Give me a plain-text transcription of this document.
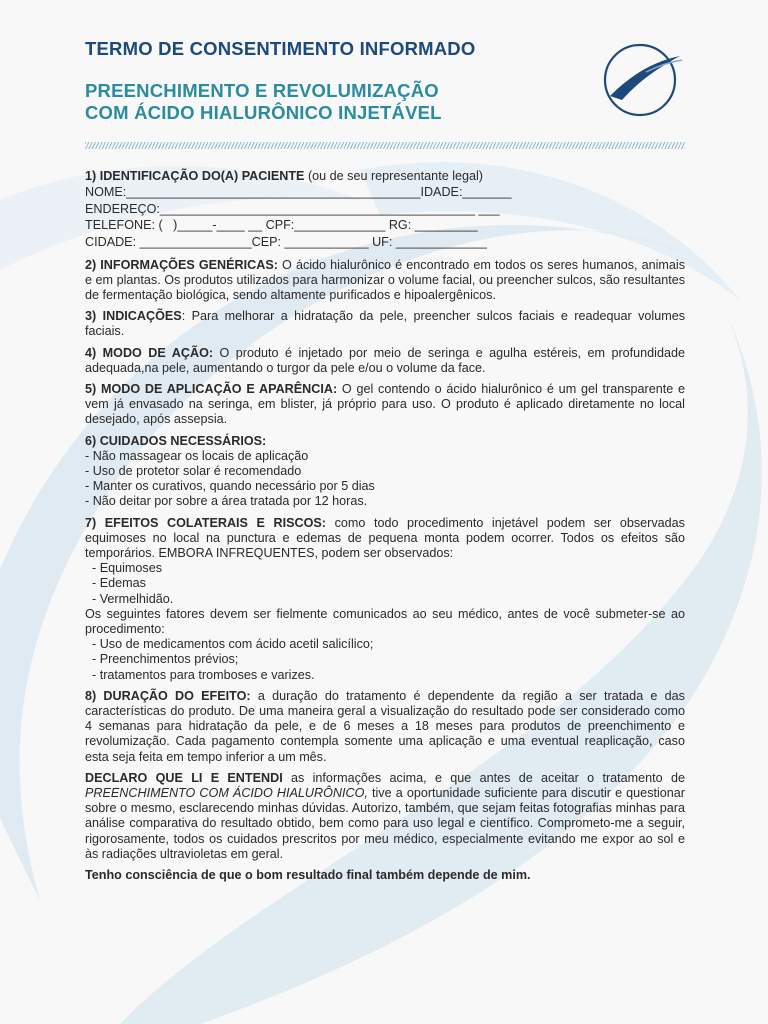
TERMO DE CONSENTIMENTO INFORMADO
PREENCHIMENTO E REVOLUMIZAÇÃO
COM ÁCIDO HIALURÔNICO INJETÁVEL
1) IDENTIFICAÇÃO DO(A) PACIENTE (ou de seu representante legal)
NOME:__________________________________________IDADE:_______
ENDEREÇO:_____________________________________________ ___
TELEFONE: (   )_____-____ __ CPF:_____________ RG: _________
CIDADE: ________________CEP: ____________ UF: _____________

2) INFORMAÇÕES GENÉRICAS: O ácido hialurônico é encontrado em todos os seres humanos, animais e em plantas. Os produtos utilizados para harmonizar o volume facial, ou preencher sulcos, são resultantes de fermentação biológica, sendo altamente purificados e hipoalergênicos.

3) INDICAÇÕES: Para melhorar a hidratação da pele, preencher sulcos faciais e readequar volumes faciais.

4) MODO DE AÇÃO: O produto é injetado por meio de seringa e agulha estéreis, em profundidade adequada,na pele, aumentando o turgor da pele e/ou o volume da face.

5) MODO DE APLICAÇÃO E APARÊNCIA: O gel contendo o ácido hialurônico é um gel transparente e vem já envasado na seringa, em blister, já próprio para uso. O produto é aplicado diretamente no local desejado, após assepsia.

6) CUIDADOS NECESSÁRIOS:
- Não massagear os locais de aplicação
- Uso de protetor solar é recomendado
- Manter os curativos, quando necessário por 5 dias
- Não deitar por sobre a área tratada por 12 horas.

7) EFEITOS COLATERAIS E RISCOS: como todo procedimento injetável podem ser observadas equimoses no local na punctura e edemas de pequena monta podem ocorrer. Todos os efeitos são temporários. EMBORA INFREQUENTES, podem ser observados:

- Equimoses
- Edemas
- Vermelhidão.

Os seguintes fatores devem ser fielmente comunicados ao seu médico, antes de você submeter-se ao procedimento:

- Uso de medicamentos com ácido acetil salicílico;
- Preenchimentos prévios;
- tratamentos para tromboses e varizes.

8) DURAÇÃO DO EFEITO: a duração do tratamento é dependente da região a ser tratada e das características do produto. De uma maneira geral a visualização do resultado pode ser considerado como 4 semanas para hidratação da pele, e de 6 meses a 18 meses para produtos de preenchimento e revolumização. Cada pagamento contempla somente uma aplicação e uma eventual reaplicação, caso esta seja feita em tempo inferior a um mês.

DECLARO QUE LI E ENTENDI as informações acima, e que antes de aceitar o tratamento de PREENCHIMENTO COM ÁCIDO HIALURÔNICO, tive a oportunidade suficiente para discutir e questionar sobre o mesmo, esclarecendo minhas dúvidas. Autorizo, também, que sejam feitas fotografias minhas para análise comparativa do resultado obtido, bem como para uso legal e científico. Comprometo-me a seguir, rigorosamente, todos os cuidados prescritos por meu médico, especialmente evitando me expor ao sol e às radiações ultravioletas em geral.

Tenho consciência de que o bom resultado final também depende de mim.
